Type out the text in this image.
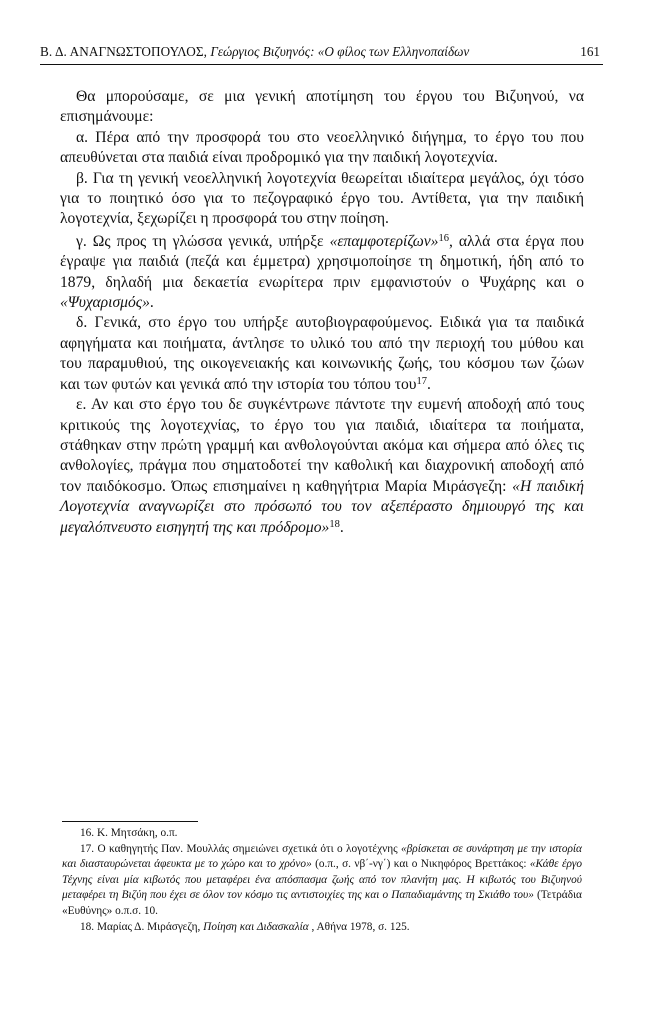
Β. Δ. ΑΝΑΓΝΩΣΤΟΠΟΥΛΟΣ, Γεώργιος Βιζυηνός: «Ο φίλος των Ελληνοπαίδων	161

Θα μπορούσαμε, σε μια γενική αποτίμηση του έργου του Βιζυηνού, να επισημάνουμε:

α. Πέρα από την προσφορά του στο νεοελληνικό διήγημα, το έργο του που απευθύνεται στα παιδιά είναι προδρομικό για την παιδική λογοτεχνία.

β. Για τη γενική νεοελληνική λογοτεχνία θεωρείται ιδιαίτερα μεγάλος, όχι τόσο για το ποιητικό όσο για το πεζογραφικό έργο του. Αντίθετα, για την παιδική λογοτεχνία, ξεχωρίζει η προσφορά του στην ποίηση.

γ. Ως προς τη γλώσσα γενικά, υπήρξε «επαμφοτερίζων»$^{16}$, αλλά στα έργα που έγραψε για παιδιά (πεζά και έμμετρα) χρησιμοποίησε τη δημοτική, ήδη από το 1879, δηλαδή μια δεκαετία ενωρίτερα πριν εμφανιστούν ο Ψυχάρης και ο «Ψυχαρισμός».

δ. Γενικά, στο έργο του υπήρξε αυτοβιογραφούμενος. Ειδικά για τα παιδικά αφηγήματα και ποιήματα, άντλησε το υλικό του από την περιοχή του μύθου και του παραμυθιού, της οικογενειακής και κοινωνικής ζωής, του κόσμου των ζώων και των φυτών και γενικά από την ιστορία του τόπου του$^{17}$.

ε. Αν και στο έργο του δε συγκέντρωνε πάντοτε την ευμενή αποδοχή από τους κριτικούς της λογοτεχνίας, το έργο του για παιδιά, ιδιαίτερα τα ποιήματα, στάθηκαν στην πρώτη γραμμή και ανθολογούνται ακόμα και σήμερα από όλες τις ανθολογίες, πράγμα που σηματοδοτεί την καθολική και διαχρονική αποδοχή από τον παιδόκοσμο. Όπως επισημαίνει η καθηγήτρια Μαρία Μιράσγεζη: «Η παιδική Λογοτεχνία αναγνωρίζει στο πρόσωπό του τον αξεπέραστο δημιουργό της και μεγαλόπνευστο εισηγητή της και πρόδρομο»$^{18}$.

16. Κ. Μητσάκη, ο.π.

17. Ο καθηγητής Παν. Μουλλάς σημειώνει σχετικά ότι ο λογοτέχνης «βρίσκεται σε συνάρτηση με την ιστορία και διασταυρώνεται άφευκτα με το χώρο και το χρόνο» (ο.π., σ. νβ΄-νγ΄) και ο Νικηφόρος Βρεττάκος: «Κάθε έργο Τέχνης είναι μία κιβωτός που μεταφέρει ένα απόσπασμα ζωής από τον πλανήτη μας. Η κιβωτός του Βιζυηνού μεταφέρει τη Βιζύη που έχει σε όλον τον κόσμο τις αντιστοιχίες της και ο Παπαδιαμάντης τη Σκιάθο του» (Τετράδια «Ευθύνης» ο.π.σ. 10.

18. Μαρίας Δ. Μιράσγεζη, Ποίηση και Διδασκαλία , Αθήνα 1978, σ. 125.
